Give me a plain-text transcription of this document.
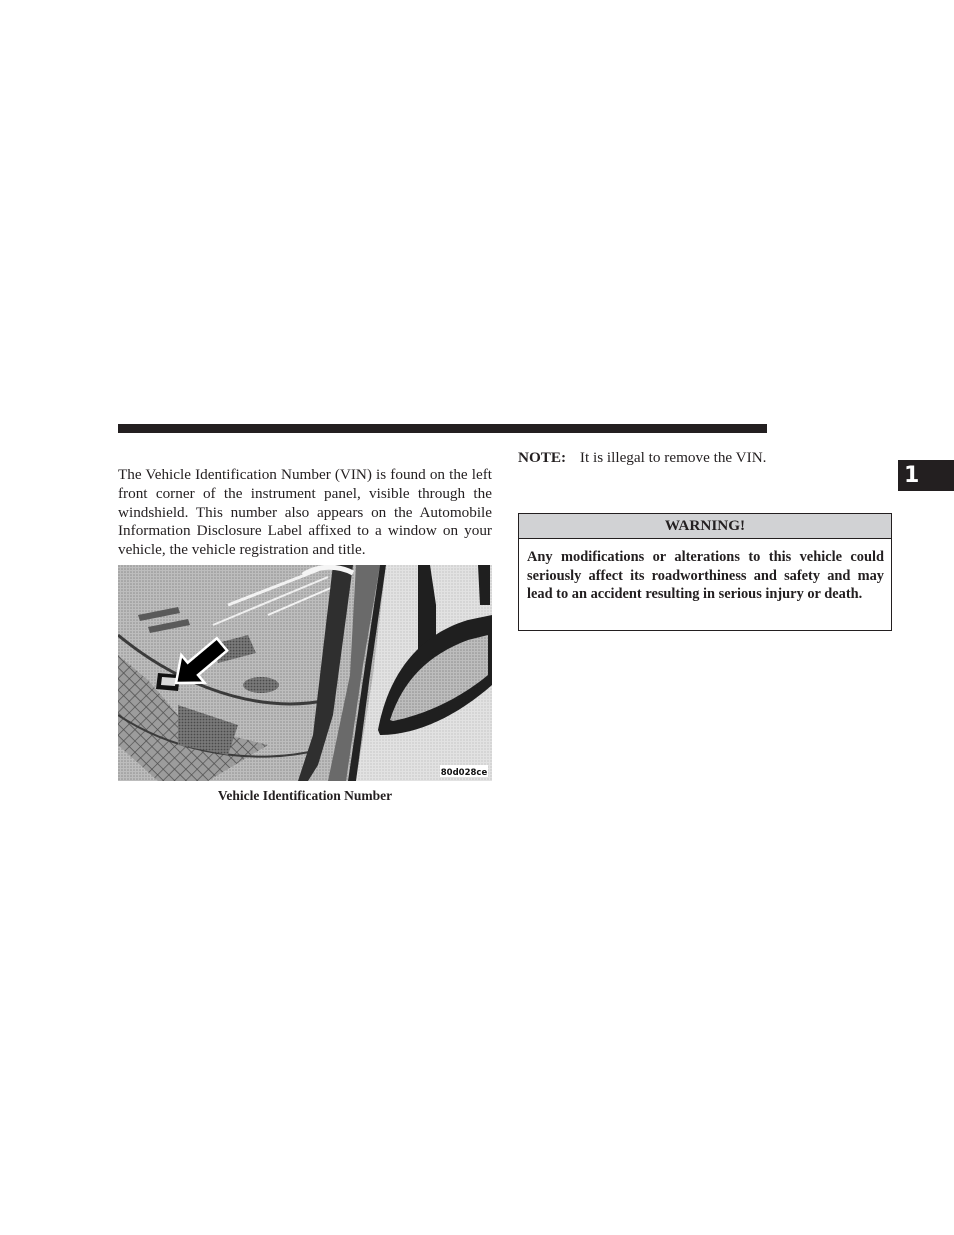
1

The Vehicle Identification Number (VIN) is found on the left front corner of the instrument panel, visible through the windshield. This number also appears on the Automobile Information Disclosure Label affixed to a window on your vehicle, the vehicle registration and title.

80d028ce
Vehicle Identification Number

NOTE: It is illegal to remove the VIN.

WARNING!

Any modifications or alterations to this vehicle could seriously affect its roadworthiness and safety and may lead to an accident resulting in serious injury or death.
